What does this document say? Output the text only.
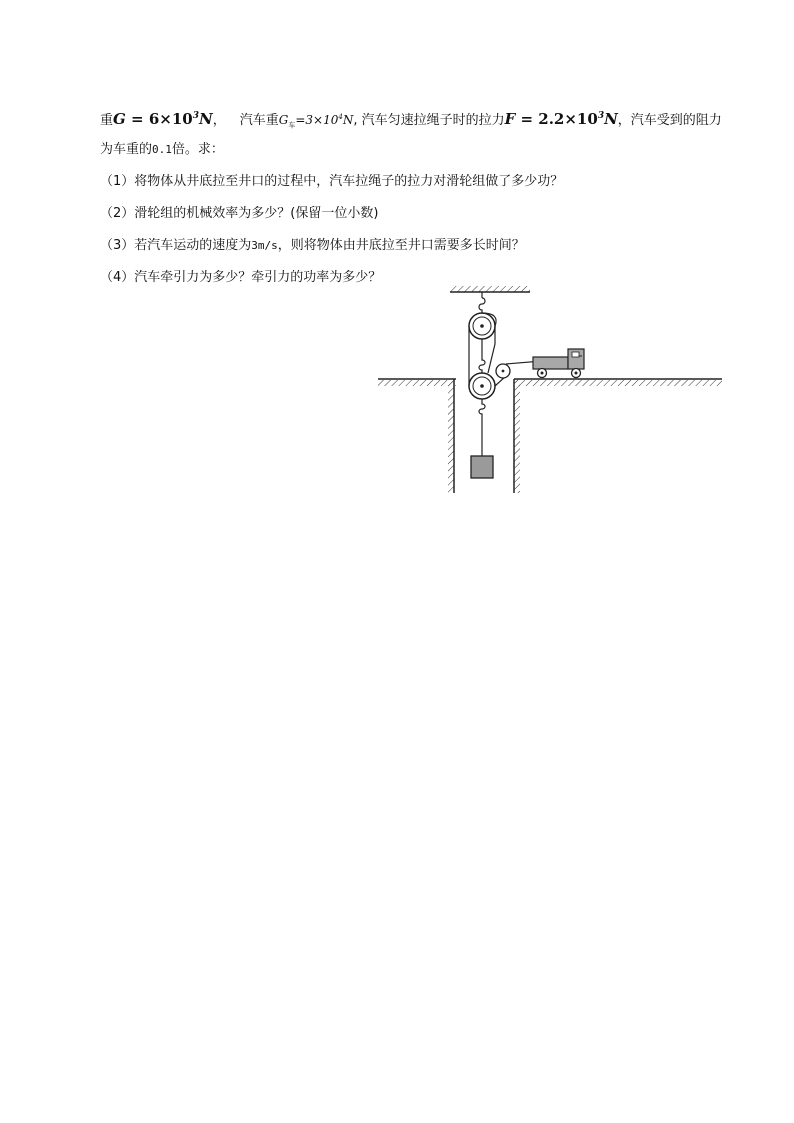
重$G = 6\times 10^3N$， 汽车重$G_车=3\times 10^4N$, 汽车匀速拉绳子时的拉力$F = 2.2\times 10^3N$，汽车受到的阻力
为车重的0.1倍。求：
（1）将物体从井底拉至井口的过程中，汽车拉绳子的拉力对滑轮组做了多少功？
（2）滑轮组的机械效率为多少？(保留一位小数)
（3）若汽车运动的速度为3m/s，则将物体由井底拉至井口需要多长时间？
（4）汽车牵引力为多少？牵引力的功率为多少？
